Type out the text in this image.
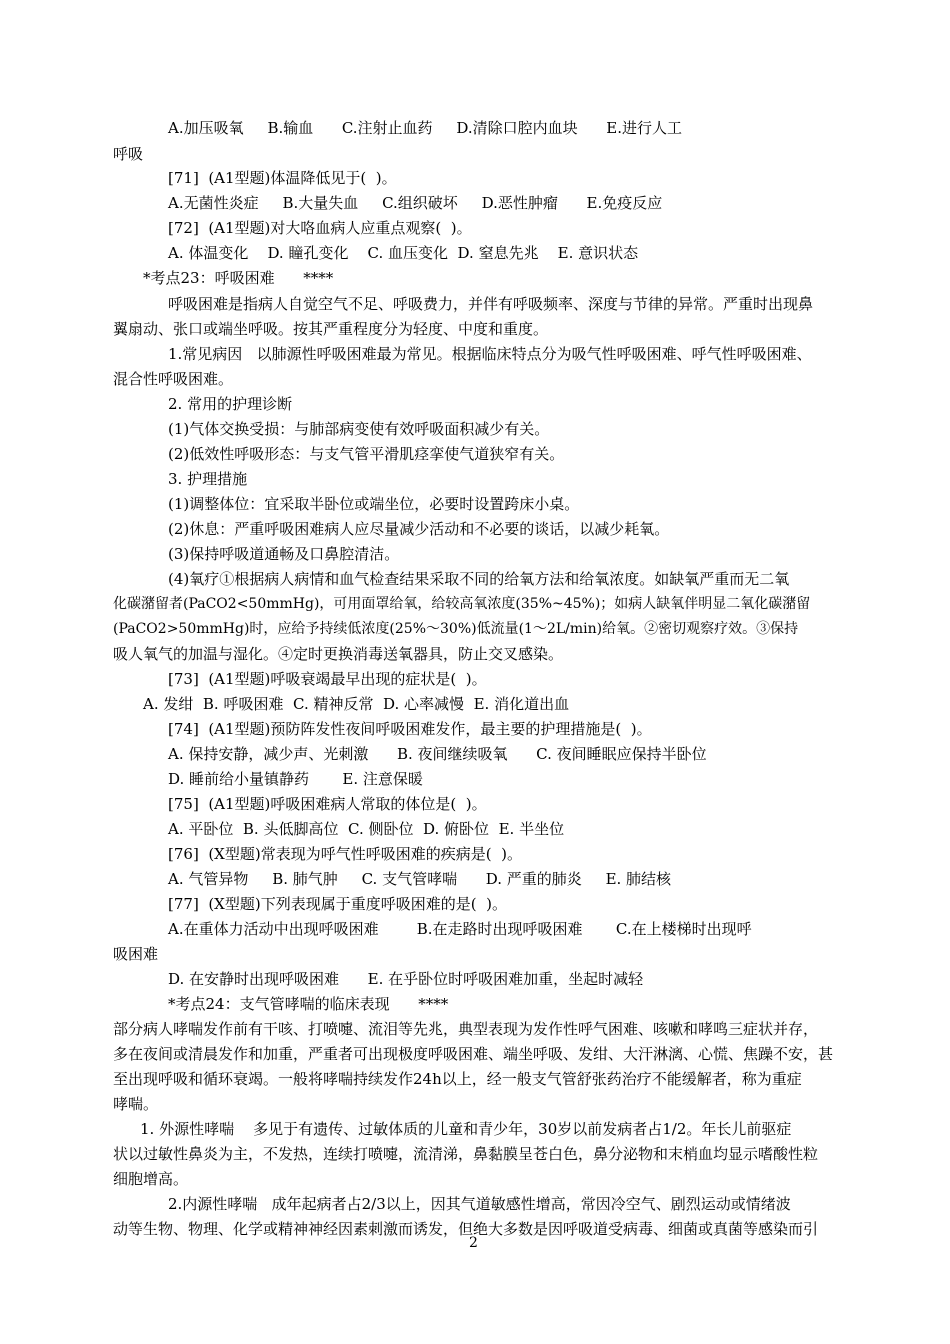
A.加压吸氧     B.输血      C.注射止血药     D.清除口腔内血块      E.进行人工
呼吸
[71]  (A1型题)体温降低见于(  )。
A.无菌性炎症     B.大量失血     C.组织破坏     D.恶性肿瘤      E.免疫反应
[72]  (A1型题)对大咯血病人应重点观察(  )。
A. 体温变化    D. 瞳孔变化    C. 血压变化  D. 窒息先兆    E. 意识状态
*考点23：呼吸困难      ****
呼吸困难是指病人自觉空气不足、呼吸费力，并伴有呼吸频率、深度与节律的异常。严重时出现鼻
翼扇动、张口或端坐呼吸。按其严重程度分为轻度、中度和重度。
1.常见病因   以肺源性呼吸困难最为常见。根据临床特点分为吸气性呼吸困难、呼气性呼吸困难、
混合性呼吸困难。
2. 常用的护理诊断
(1)气体交换受损：与肺部病变使有效呼吸面积减少有关。
(2)低效性呼吸形态：与支气管平滑肌痉挛使气道狭窄有关。
3. 护理措施
(1)调整体位：宜采取半卧位或端坐位，必要时设置跨床小桌。
(2)休息：严重呼吸困难病人应尽量减少活动和不必要的谈话，以减少耗氧。
(3)保持呼吸道通畅及口鼻腔清洁。
(4)氧疗①根据病人病情和血气检查结果采取不同的给氧方法和给氧浓度。如缺氧严重而无二氧
化碳潴留者(PaCO2<50mmHg)，可用面罩给氧，给较高氧浓度(35%~45%)；如病人缺氧伴明显二氧化碳潴留
(PaCO2>50mmHg)时，应给予持续低浓度(25%～30%)低流量(1～2L/min)给氧。②密切观察疗效。③保持
吸人氧气的加温与湿化。④定时更换消毒送氧器具，防止交叉感染。
[73]  (A1型题)呼吸衰竭最早出现的症状是(  )。
A. 发绀  B. 呼吸困难  C. 精神反常  D. 心率减慢  E. 消化道出血
[74]  (A1型题)预防阵发性夜间呼吸困难发作，最主要的护理措施是(  )。
A. 保持安静，减少声、光刺激      B. 夜间继续吸氧      C. 夜间睡眠应保持半卧位
D. 睡前给小量镇静药       E. 注意保暖
[75]  (A1型题)呼吸困难病人常取的体位是(  )。
A. 平卧位  B. 头低脚高位  C. 侧卧位  D. 俯卧位  E. 半坐位
[76]  (X型题)常表现为呼气性呼吸困难的疾病是(  )。
A. 气管异物     B. 肺气肿     C. 支气管哮喘      D. 严重的肺炎     E. 肺结核
[77]  (X型题)下列表现属于重度呼吸困难的是(  )。
A.在重体力活动中出现呼吸困难        B.在走路时出现呼吸困难       C.在上楼梯时出现呼
吸困难
D. 在安静时出现呼吸困难      E. 在乎卧位时呼吸困难加重，坐起时减轻
*考点24：支气管哮喘的临床表现      ****
部分病人哮喘发作前有干咳、打喷嚏、流泪等先兆，典型表现为发作性呼气困难、咳嗽和哮鸣三症状并存，
多在夜间或清晨发作和加重，严重者可出现极度呼吸困难、端坐呼吸、发绀、大汗淋漓、心慌、焦躁不安，甚
至出现呼吸和循环衰竭。一般将哮喘持续发作24h以上，经一般支气管舒张药治疗不能缓解者，称为重症
哮喘。
1. 外源性哮喘    多见于有遗传、过敏体质的儿童和青少年，30岁以前发病者占1/2。年长儿前驱症
状以过敏性鼻炎为主，不发热，连续打喷嚏，流清涕，鼻黏膜呈苍白色，鼻分泌物和末梢血均显示嗜酸性粒
细胞增高。
2.内源性哮喘   成年起病者占2/3以上，因其气道敏感性增高，常因冷空气、剧烈运动或情绪波
动等生物、物理、化学或精神神经因素刺激而诱发，但绝大多数是因呼吸道受病毒、细菌或真菌等感染而引
2
